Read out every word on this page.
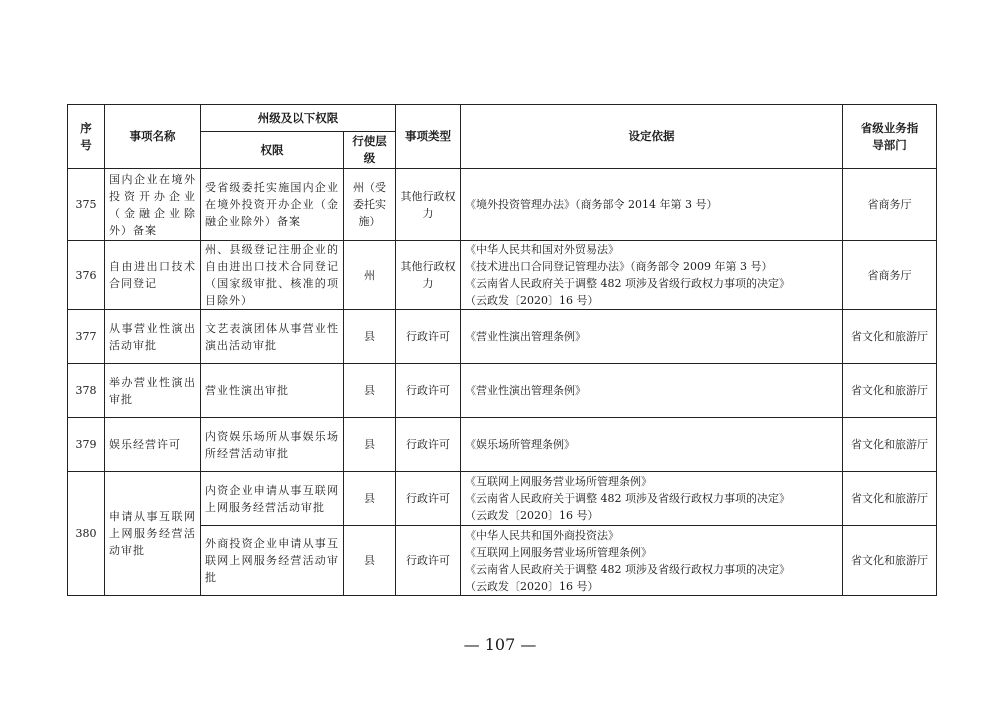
序号	事项名称	州级及以下权限		事项类型	设定依据	省级业务指导部门
		权限	行使层级			
375	国内企业在境外投资开办企业（金融企业除外）备案	受省级委托实施国内企业在境外投资开办企业（金融企业除外）备案	州（受委托实施）	其他行政权力	《境外投资管理办法》（商务部令 2014 年第 3 号）	省商务厅
376	自由进出口技术合同登记	州、县级登记注册企业的自由进出口技术合同登记（国家级审批、核准的项目除外）	州	其他行政权力	《中华人民共和国对外贸易法》
《技术进出口合同登记管理办法》（商务部令 2009 年第 3 号）
《云南省人民政府关于调整 482 项涉及省级行政权力事项的决定》
（云政发〔2020〕16 号）	省商务厅
377	从事营业性演出活动审批	文艺表演团体从事营业性演出活动审批	县	行政许可	《营业性演出管理条例》	省文化和旅游厅
378	举办营业性演出审批	营业性演出审批	县	行政许可	《营业性演出管理条例》	省文化和旅游厅
379	娱乐经营许可	内资娱乐场所从事娱乐场所经营活动审批	县	行政许可	《娱乐场所管理条例》	省文化和旅游厅
380	申请从事互联网上网服务经营活动审批	内资企业申请从事互联网上网服务经营活动审批	县	行政许可	《互联网上网服务营业场所管理条例》
《云南省人民政府关于调整 482 项涉及省级行政权力事项的决定》
（云政发〔2020〕16 号）	省文化和旅游厅
		外商投资企业申请从事互联网上网服务经营活动审批	县	行政许可	《中华人民共和国外商投资法》
《互联网上网服务营业场所管理条例》
《云南省人民政府关于调整 482 项涉及省级行政权力事项的决定》
（云政发〔2020〕16 号）	省文化和旅游厅
— 107 —
